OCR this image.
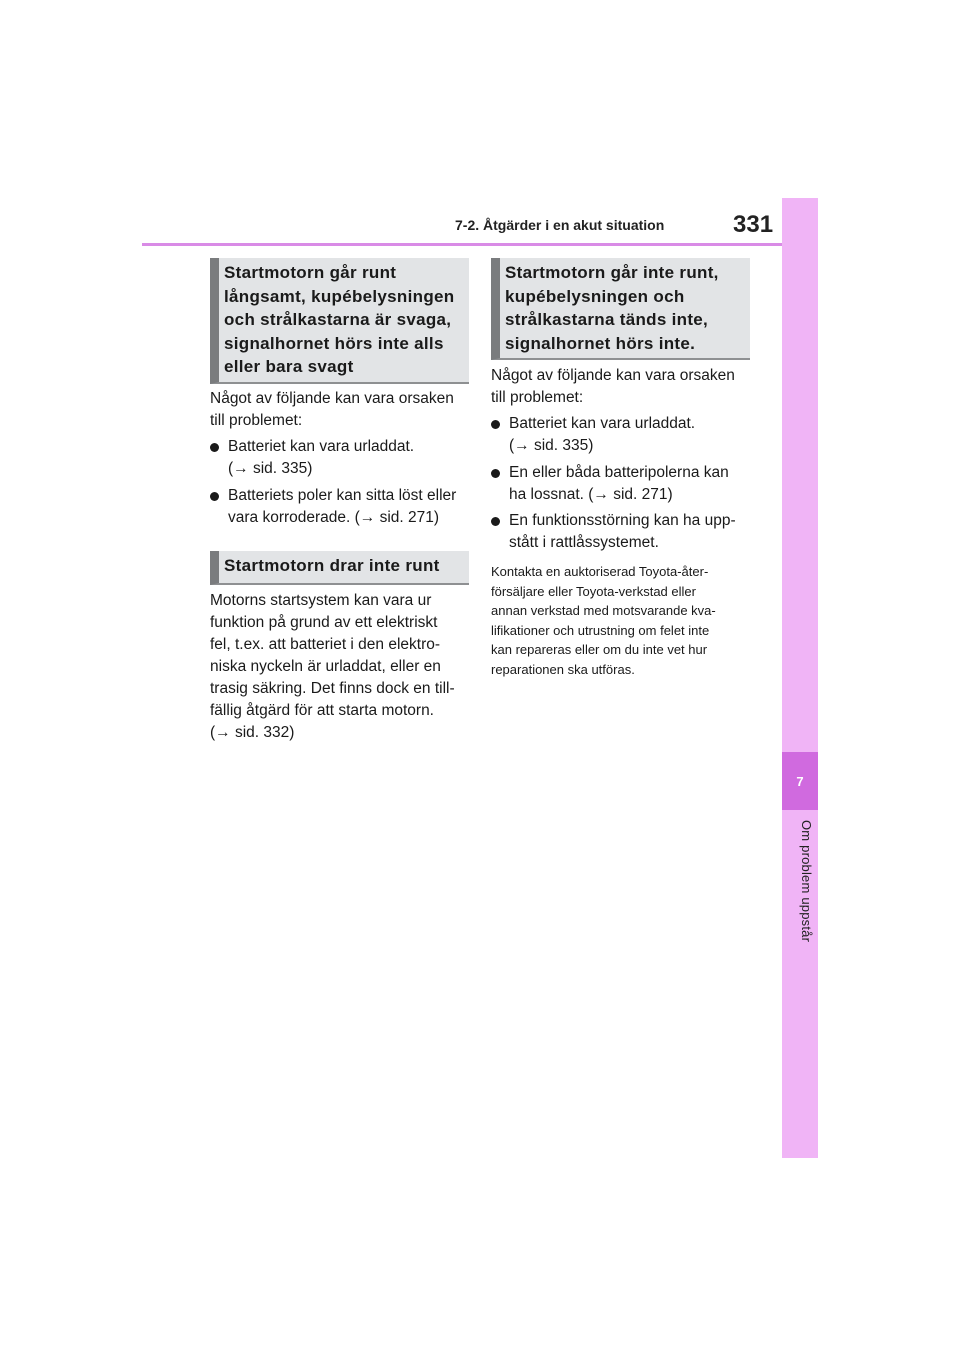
7-2. Åtgärder i en akut situation	331
7
Om problem uppstår
Startmotorn går runt
långsamt, kupébelysningen
och strålkastarna är svaga,
signalhornet hörs inte alls
eller bara svagt
Något av följande kan vara orsaken
till problemet:
Batteriet kan vara urladdat.
(→ sid. 335)
Batteriets poler kan sitta löst eller
vara korroderade. (→ sid. 271)
Startmotorn drar inte runt
Motorns startsystem kan vara ur
funktion på grund av ett elektriskt
fel, t.ex. att batteriet i den elektro-
niska nyckeln är urladdat, eller en
trasig säkring. Det finns dock en till-
fällig åtgärd för att starta motorn.
(→ sid. 332)
Startmotorn går inte runt,
kupébelysningen och
strålkastarna tänds inte,
signalhornet hörs inte.
Något av följande kan vara orsaken
till problemet:
Batteriet kan vara urladdat.
(→ sid. 335)
En eller båda batteripolerna kan
ha lossnat. (→ sid. 271)
En funktionsstörning kan ha upp-
stått i rattlåssystemet.
Kontakta en auktoriserad Toyota-åter-
försäljare eller Toyota-verkstad eller
annan verkstad med motsvarande kva-
lifikationer och utrustning om felet inte
kan repareras eller om du inte vet hur
reparationen ska utföras.
